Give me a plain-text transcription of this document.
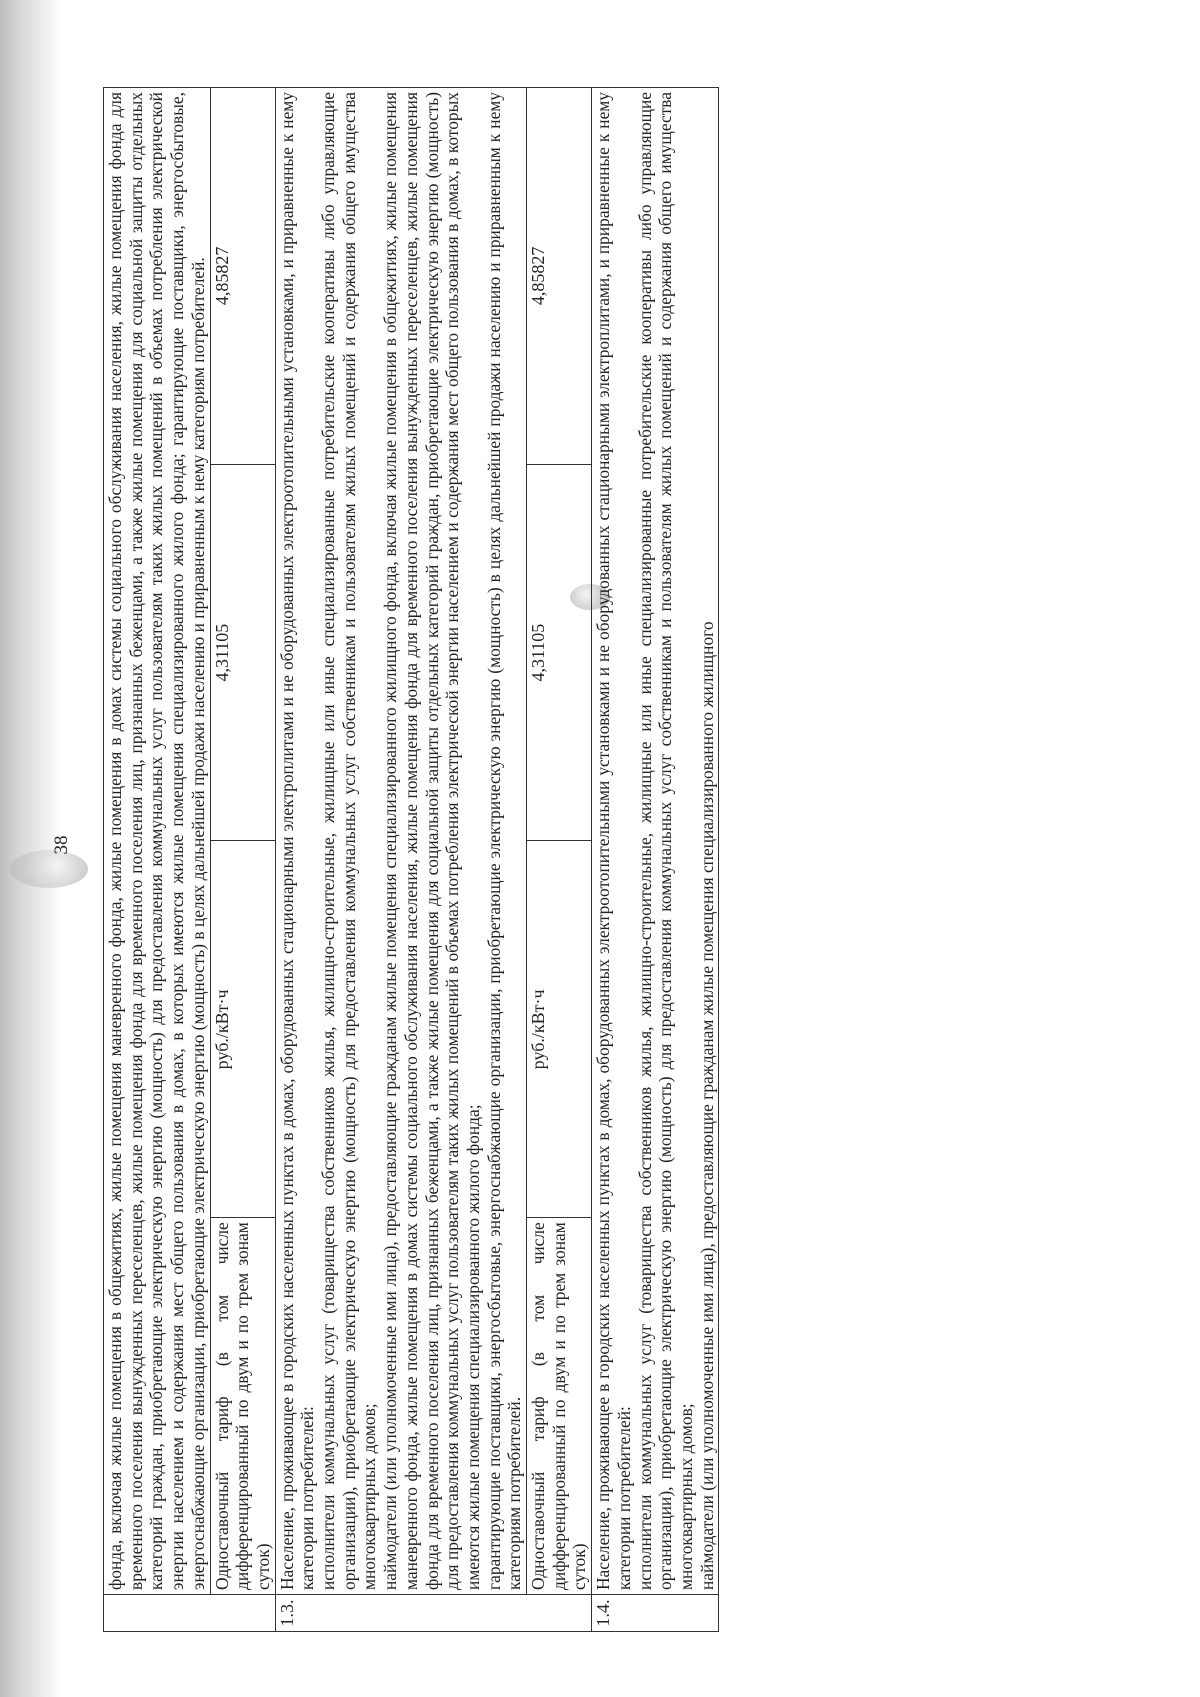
	фонда, включая жилые помещения в общежитиях, жилые помещения маневренного фонда, жилые помещения в домах системы социального обслуживания населения, жилые помещения фонда для временного поселения вынужденных переселенцев, жилые помещения фонда для временного поселения лиц, признанных беженцами, а также жилые помещения для социальной защиты отдельных категорий граждан, приобретающие электрическую энергию (мощность) для предоставления коммунальных услуг пользователям таких жилых помещений в объемах потребления электрической энергии населением и содержания мест общего пользования в домах, в которых имеются жилые помещения специализированного жилого фонда; гарантирующие поставщики, энергосбытовые, энергоснабжающие организации, приобретающие электрическую энергию (мощность) в целях дальнейшей продажи населению и приравненным к нему категориям потребителей.			

	Одноставочный тариф (в том числе дифференцированный по двум и по трем зонам суток)	руб./кВт·ч	4,31105	4,85827
1.3.	Население, проживающее в городских населенных пунктах в домах, оборудованных стационарными электроплитами и не оборудованных электроотопительными установками, и приравненные к нему категории потребителей: исполнители коммунальных услуг (товарищества собственников жилья, жилищно-строительные, жилищные или иные специализированные потребительские кооперативы либо управляющие организации), приобретающие электрическую энергию (мощность) для предоставления коммунальных услуг собственникам и пользователям жилых помещений и содержания общего имущества многоквартирных домов; наймодатели (или уполномоченные ими лица), предоставляющие гражданам жилые помещения специализированного жилищного фонда, включая жилые помещения в общежитиях, жилые помещения маневренного фонда, жилые помещения в домах системы социального обслуживания населения, жилые помещения фонда для временного поселения вынужденных переселенцев, жилые помещения фонда для временного поселения лиц, признанных беженцами, а также жилые помещения для социальной защиты отдельных категорий граждан, приобретающие электрическую энергию (мощность) для предоставления коммунальных услуг пользователям таких жилых помещений в объемах потребления электрической энергии населением и содержания мест общего пользования в домах, в которых имеются жилые помещения специализированного жилого фонда; гарантирующие поставщики, энергосбытовые, энергоснабжающие организации, приобретающие электрическую энергию (мощность) в целях дальнейшей продажи населению и приравненным к нему категориям потребителей.			

	Одноставочный тариф (в том числе дифференцированный по двум и по трем зонам суток)	руб./кВт·ч	4,31105	4,85827
1.4.	Население, проживающее в городских населенных пунктах в домах, оборудованных электроотопительными установками и не оборудованных стационарными электроплитами, и приравненные к нему категории потребителей: исполнители коммунальных услуг (товарищества собственников жилья, жилищно-строительные, жилищные или иные специализированные потребительские кооперативы либо управляющие организации), приобретающие электрическую энергию (мощность) для предоставления коммунальных услуг собственникам и пользователям жилых помещений и содержания общего имущества многоквартирных домов; наймодатели (или уполномоченные ими лица), предоставляющие гражданам жилые помещения специализированного жилищного			

38
